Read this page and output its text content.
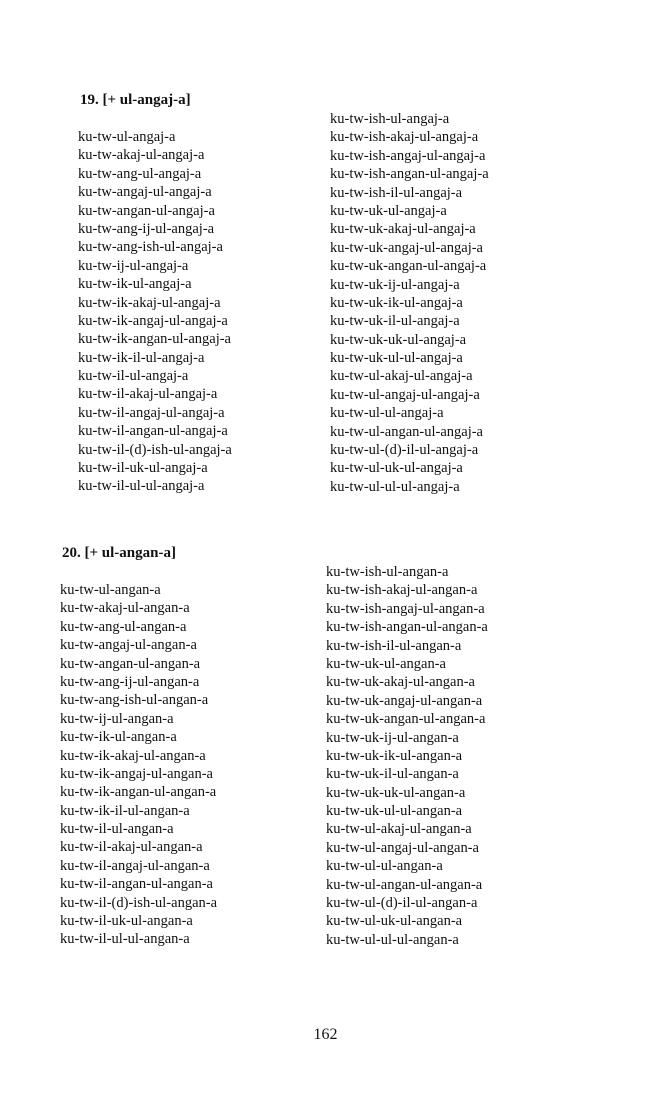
19. [+ ul-angaj-a]
ku-tw-ul-angaj-a
ku-tw-akaj-ul-angaj-a
ku-tw-ang-ul-angaj-a
ku-tw-angaj-ul-angaj-a
ku-tw-angan-ul-angaj-a
ku-tw-ang-ij-ul-angaj-a
ku-tw-ang-ish-ul-angaj-a
ku-tw-ij-ul-angaj-a
ku-tw-ik-ul-angaj-a
ku-tw-ik-akaj-ul-angaj-a
ku-tw-ik-angaj-ul-angaj-a
ku-tw-ik-angan-ul-angaj-a
ku-tw-ik-il-ul-angaj-a
ku-tw-il-ul-angaj-a
ku-tw-il-akaj-ul-angaj-a
ku-tw-il-angaj-ul-angaj-a
ku-tw-il-angan-ul-angaj-a
ku-tw-il-(d)-ish-ul-angaj-a
ku-tw-il-uk-ul-angaj-a
ku-tw-il-ul-ul-angaj-a
ku-tw-ish-ul-angaj-a
ku-tw-ish-akaj-ul-angaj-a
ku-tw-ish-angaj-ul-angaj-a
ku-tw-ish-angan-ul-angaj-a
ku-tw-ish-il-ul-angaj-a
ku-tw-uk-ul-angaj-a
ku-tw-uk-akaj-ul-angaj-a
ku-tw-uk-angaj-ul-angaj-a
ku-tw-uk-angan-ul-angaj-a
ku-tw-uk-ij-ul-angaj-a
ku-tw-uk-ik-ul-angaj-a
ku-tw-uk-il-ul-angaj-a
ku-tw-uk-uk-ul-angaj-a
ku-tw-uk-ul-ul-angaj-a
ku-tw-ul-akaj-ul-angaj-a
ku-tw-ul-angaj-ul-angaj-a
ku-tw-ul-ul-angaj-a
ku-tw-ul-angan-ul-angaj-a
ku-tw-ul-(d)-il-ul-angaj-a
ku-tw-ul-uk-ul-angaj-a
ku-tw-ul-ul-ul-angaj-a
20. [+ ul-angan-a]
ku-tw-ul-angan-a
ku-tw-akaj-ul-angan-a
ku-tw-ang-ul-angan-a
ku-tw-angaj-ul-angan-a
ku-tw-angan-ul-angan-a
ku-tw-ang-ij-ul-angan-a
ku-tw-ang-ish-ul-angan-a
ku-tw-ij-ul-angan-a
ku-tw-ik-ul-angan-a
ku-tw-ik-akaj-ul-angan-a
ku-tw-ik-angaj-ul-angan-a
ku-tw-ik-angan-ul-angan-a
ku-tw-ik-il-ul-angan-a
ku-tw-il-ul-angan-a
ku-tw-il-akaj-ul-angan-a
ku-tw-il-angaj-ul-angan-a
ku-tw-il-angan-ul-angan-a
ku-tw-il-(d)-ish-ul-angan-a
ku-tw-il-uk-ul-angan-a
ku-tw-il-ul-ul-angan-a
ku-tw-ish-ul-angan-a
ku-tw-ish-akaj-ul-angan-a
ku-tw-ish-angaj-ul-angan-a
ku-tw-ish-angan-ul-angan-a
ku-tw-ish-il-ul-angan-a
ku-tw-uk-ul-angan-a
ku-tw-uk-akaj-ul-angan-a
ku-tw-uk-angaj-ul-angan-a
ku-tw-uk-angan-ul-angan-a
ku-tw-uk-ij-ul-angan-a
ku-tw-uk-ik-ul-angan-a
ku-tw-uk-il-ul-angan-a
ku-tw-uk-uk-ul-angan-a
ku-tw-uk-ul-ul-angan-a
ku-tw-ul-akaj-ul-angan-a
ku-tw-ul-angaj-ul-angan-a
ku-tw-ul-ul-angan-a
ku-tw-ul-angan-ul-angan-a
ku-tw-ul-(d)-il-ul-angan-a
ku-tw-ul-uk-ul-angan-a
ku-tw-ul-ul-ul-angan-a
162
